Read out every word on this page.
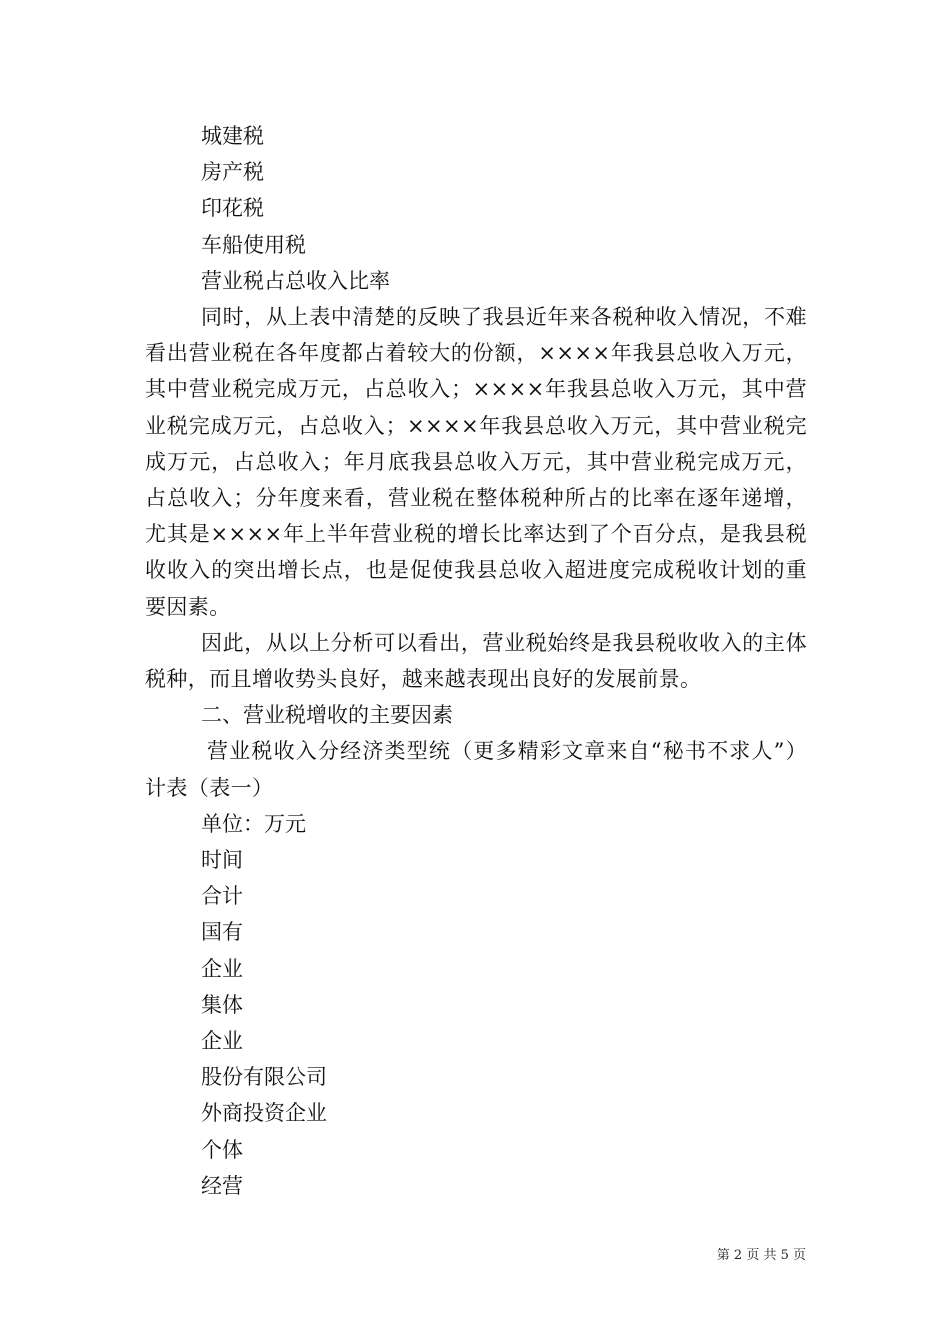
城建税

房产税

印花税

车船使用税

营业税占总收入比率

同时，从上表中清楚的反映了我县近年来各税种收入情况，不难看出营业税在各年度都占着较大的份额，××××年我县总收入万元，其中营业税完成万元，占总收入；××××年我县总收入万元，其中营业税完成万元，占总收入；××××年我县总收入万元，其中营业税完成万元，占总收入；年月底我县总收入万元，其中营业税完成万元，占总收入；分年度来看，营业税在整体税种所占的比率在逐年递增，尤其是××××年上半年营业税的增长比率达到了个百分点，是我县税收收入的突出增长点，也是促使我县总收入超进度完成税收计划的重要因素。

因此，从以上分析可以看出，营业税始终是我县税收收入的主体税种，而且增收势头良好，越来越表现出良好的发展前景。

二、营业税增收的主要因素

营业税收入分经济类型统（更多精彩文章来自“秘书不求人”）计表（表一）

单位：万元

时间

合计

国有

企业

集体

企业

股份有限公司

外商投资企业

个体

经营

第 2 页 共 5 页
